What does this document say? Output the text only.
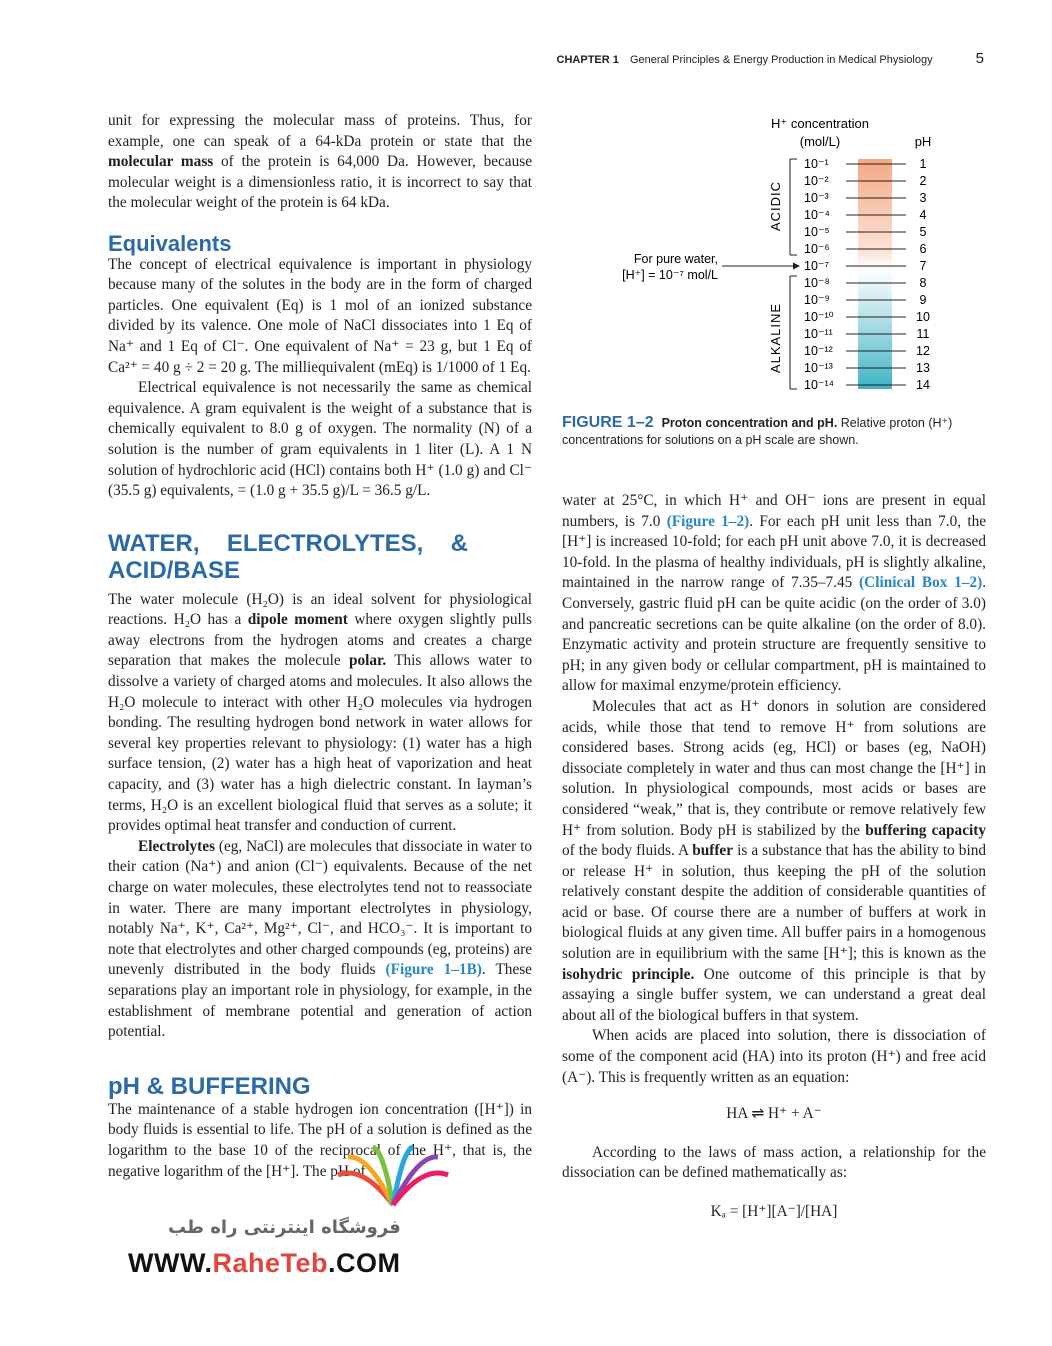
CHAPTER 1 General Principles & Energy Production in Medical Physiology	5

unit for expressing the molecular mass of proteins. Thus, for example, one can speak of a 64-kDa protein or state that the molecular mass of the protein is 64,000 Da. However, because molecular weight is a dimensionless ratio, it is incorrect to say that the molecular weight of the protein is 64 kDa.

Equivalents

The concept of electrical equivalence is important in physiology because many of the solutes in the body are in the form of charged particles. One equivalent (Eq) is 1 mol of an ionized substance divided by its valence. One mole of NaCl dissociates into 1 Eq of Na⁺ and 1 Eq of Cl⁻. One equivalent of Na⁺ = 23 g, but 1 Eq of Ca²⁺ = 40 g ÷ 2 = 20 g. The milliequivalent (mEq) is 1/1000 of 1 Eq.

Electrical equivalence is not necessarily the same as chemical equivalence. A gram equivalent is the weight of a substance that is chemically equivalent to 8.0 g of oxygen. The normality (N) of a solution is the number of gram equivalents in 1 liter (L). A 1 N solution of hydrochloric acid (HCl) contains both H⁺ (1.0 g) and Cl⁻ (35.5 g) equivalents, = (1.0 g + 35.5 g)/L = 36.5 g/L.

WATER, ELECTROLYTES, & ACID/BASE

The water molecule (H₂O) is an ideal solvent for physiological reactions. H₂O has a dipole moment where oxygen slightly pulls away electrons from the hydrogen atoms and creates a charge separation that makes the molecule polar. This allows water to dissolve a variety of charged atoms and molecules. It also allows the H₂O molecule to interact with other H₂O molecules via hydrogen bonding. The resulting hydrogen bond network in water allows for several key properties relevant to physiology: (1) water has a high surface tension, (2) water has a high heat of vaporization and heat capacity, and (3) water has a high dielectric constant. In layman’s terms, H₂O is an excellent biological fluid that serves as a solute; it provides optimal heat transfer and conduction of current.

Electrolytes (eg, NaCl) are molecules that dissociate in water to their cation (Na⁺) and anion (Cl⁻) equivalents. Because of the net charge on water molecules, these electrolytes tend not to reassociate in water. There are many important electrolytes in physiology, notably Na⁺, K⁺, Ca²⁺, Mg²⁺, Cl⁻, and HCO₃⁻. It is important to note that electrolytes and other charged compounds (eg, proteins) are unevenly distributed in the body fluids (Figure 1–1B). These separations play an important role in physiology, for example, in the establishment of membrane potential and generation of action potential.

pH & BUFFERING

The maintenance of a stable hydrogen ion concentration ([H⁺]) in body fluids is essential to life. The pH of a solution is defined as the logarithm to the base 10 of the reciprocal of the H⁺, that is, the negative logarithm of the [H⁺]. The pH of

H⁺ concentration
(mol/L)	pH
ACIDIC
ALKALINE
For pure water,
[H⁺] = 10⁻⁷ mol/L
10⁻¹	1
10⁻²	2
10⁻³	3
10⁻⁴	4
10⁻⁵	5
10⁻⁶	6
10⁻⁷	7
10⁻⁸	8
10⁻⁹	9
10⁻¹⁰	10
10⁻¹¹	11
10⁻¹²	12
10⁻¹³	13
10⁻¹⁴	14
FIGURE 1–2 Proton concentration and pH. Relative proton (H⁺) concentrations for solutions on a pH scale are shown.

water at 25°C, in which H⁺ and OH⁻ ions are present in equal numbers, is 7.0 (Figure 1–2). For each pH unit less than 7.0, the [H⁺] is increased 10-fold; for each pH unit above 7.0, it is decreased 10-fold. In the plasma of healthy individuals, pH is slightly alkaline, maintained in the narrow range of 7.35–7.45 (Clinical Box 1–2). Conversely, gastric fluid pH can be quite acidic (on the order of 3.0) and pancreatic secretions can be quite alkaline (on the order of 8.0). Enzymatic activity and protein structure are frequently sensitive to pH; in any given body or cellular compartment, pH is maintained to allow for maximal enzyme/protein efficiency.

Molecules that act as H⁺ donors in solution are considered acids, while those that tend to remove H⁺ from solutions are considered bases. Strong acids (eg, HCl) or bases (eg, NaOH) dissociate completely in water and thus can most change the [H⁺] in solution. In physiological compounds, most acids or bases are considered “weak,” that is, they contribute or remove relatively few H⁺ from solution. Body pH is stabilized by the buffering capacity of the body fluids. A buffer is a substance that has the ability to bind or release H⁺ in solution, thus keeping the pH of the solution relatively constant despite the addition of considerable quantities of acid or base. Of course there are a number of buffers at work in biological fluids at any given time. All buffer pairs in a homogenous solution are in equilibrium with the same [H⁺]; this is known as the isohydric principle. One outcome of this principle is that by assaying a single buffer system, we can understand a great deal about all of the biological buffers in that system.

When acids are placed into solution, there is dissociation of some of the component acid (HA) into its proton (H⁺) and free acid (A⁻). This is frequently written as an equation:

HA ⇌ H⁺ + A⁻

According to the laws of mass action, a relationship for the dissociation can be defined mathematically as:

Kₐ = [H⁺][A⁻]/[HA]

فروشگاه اینترنتی راه طب
WWW.RaheTeb.COM
